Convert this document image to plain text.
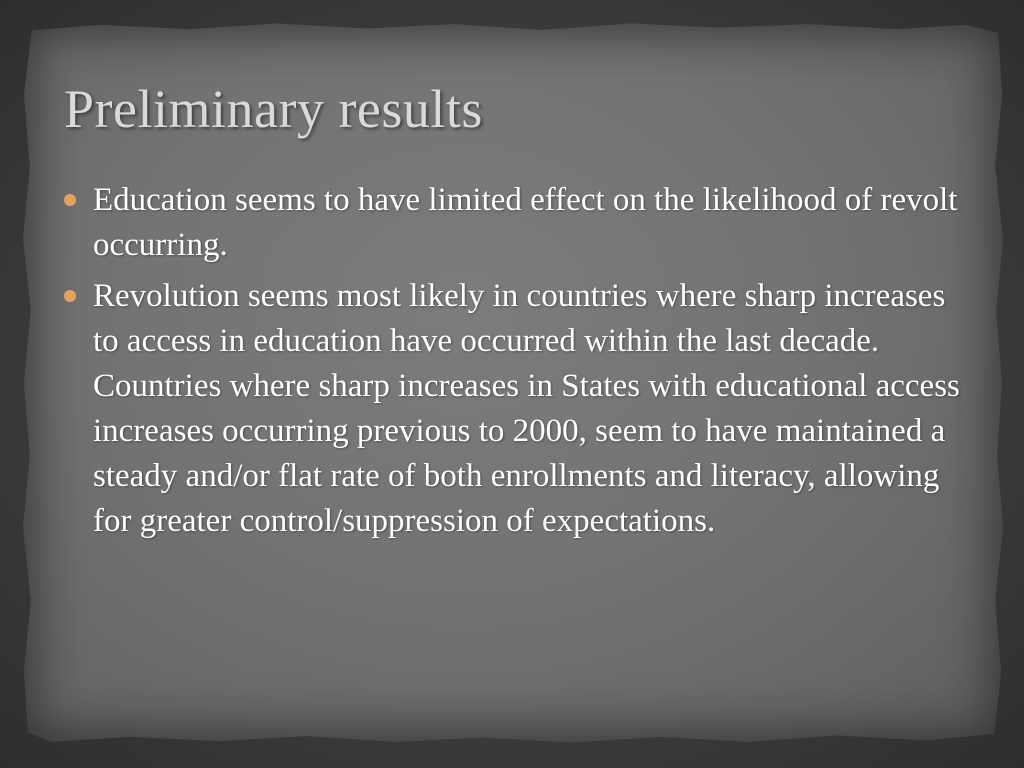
Preliminary results
Education seems to have limited effect on the likelihood of revolt occurring.
Revolution seems most likely in countries where sharp increases to access in education have occurred within the last decade. Countries where sharp increases in States with educational access increases occurring previous to 2000, seem to have maintained a steady and/or flat rate of both enrollments and literacy, allowing for greater control/suppression of expectations.
